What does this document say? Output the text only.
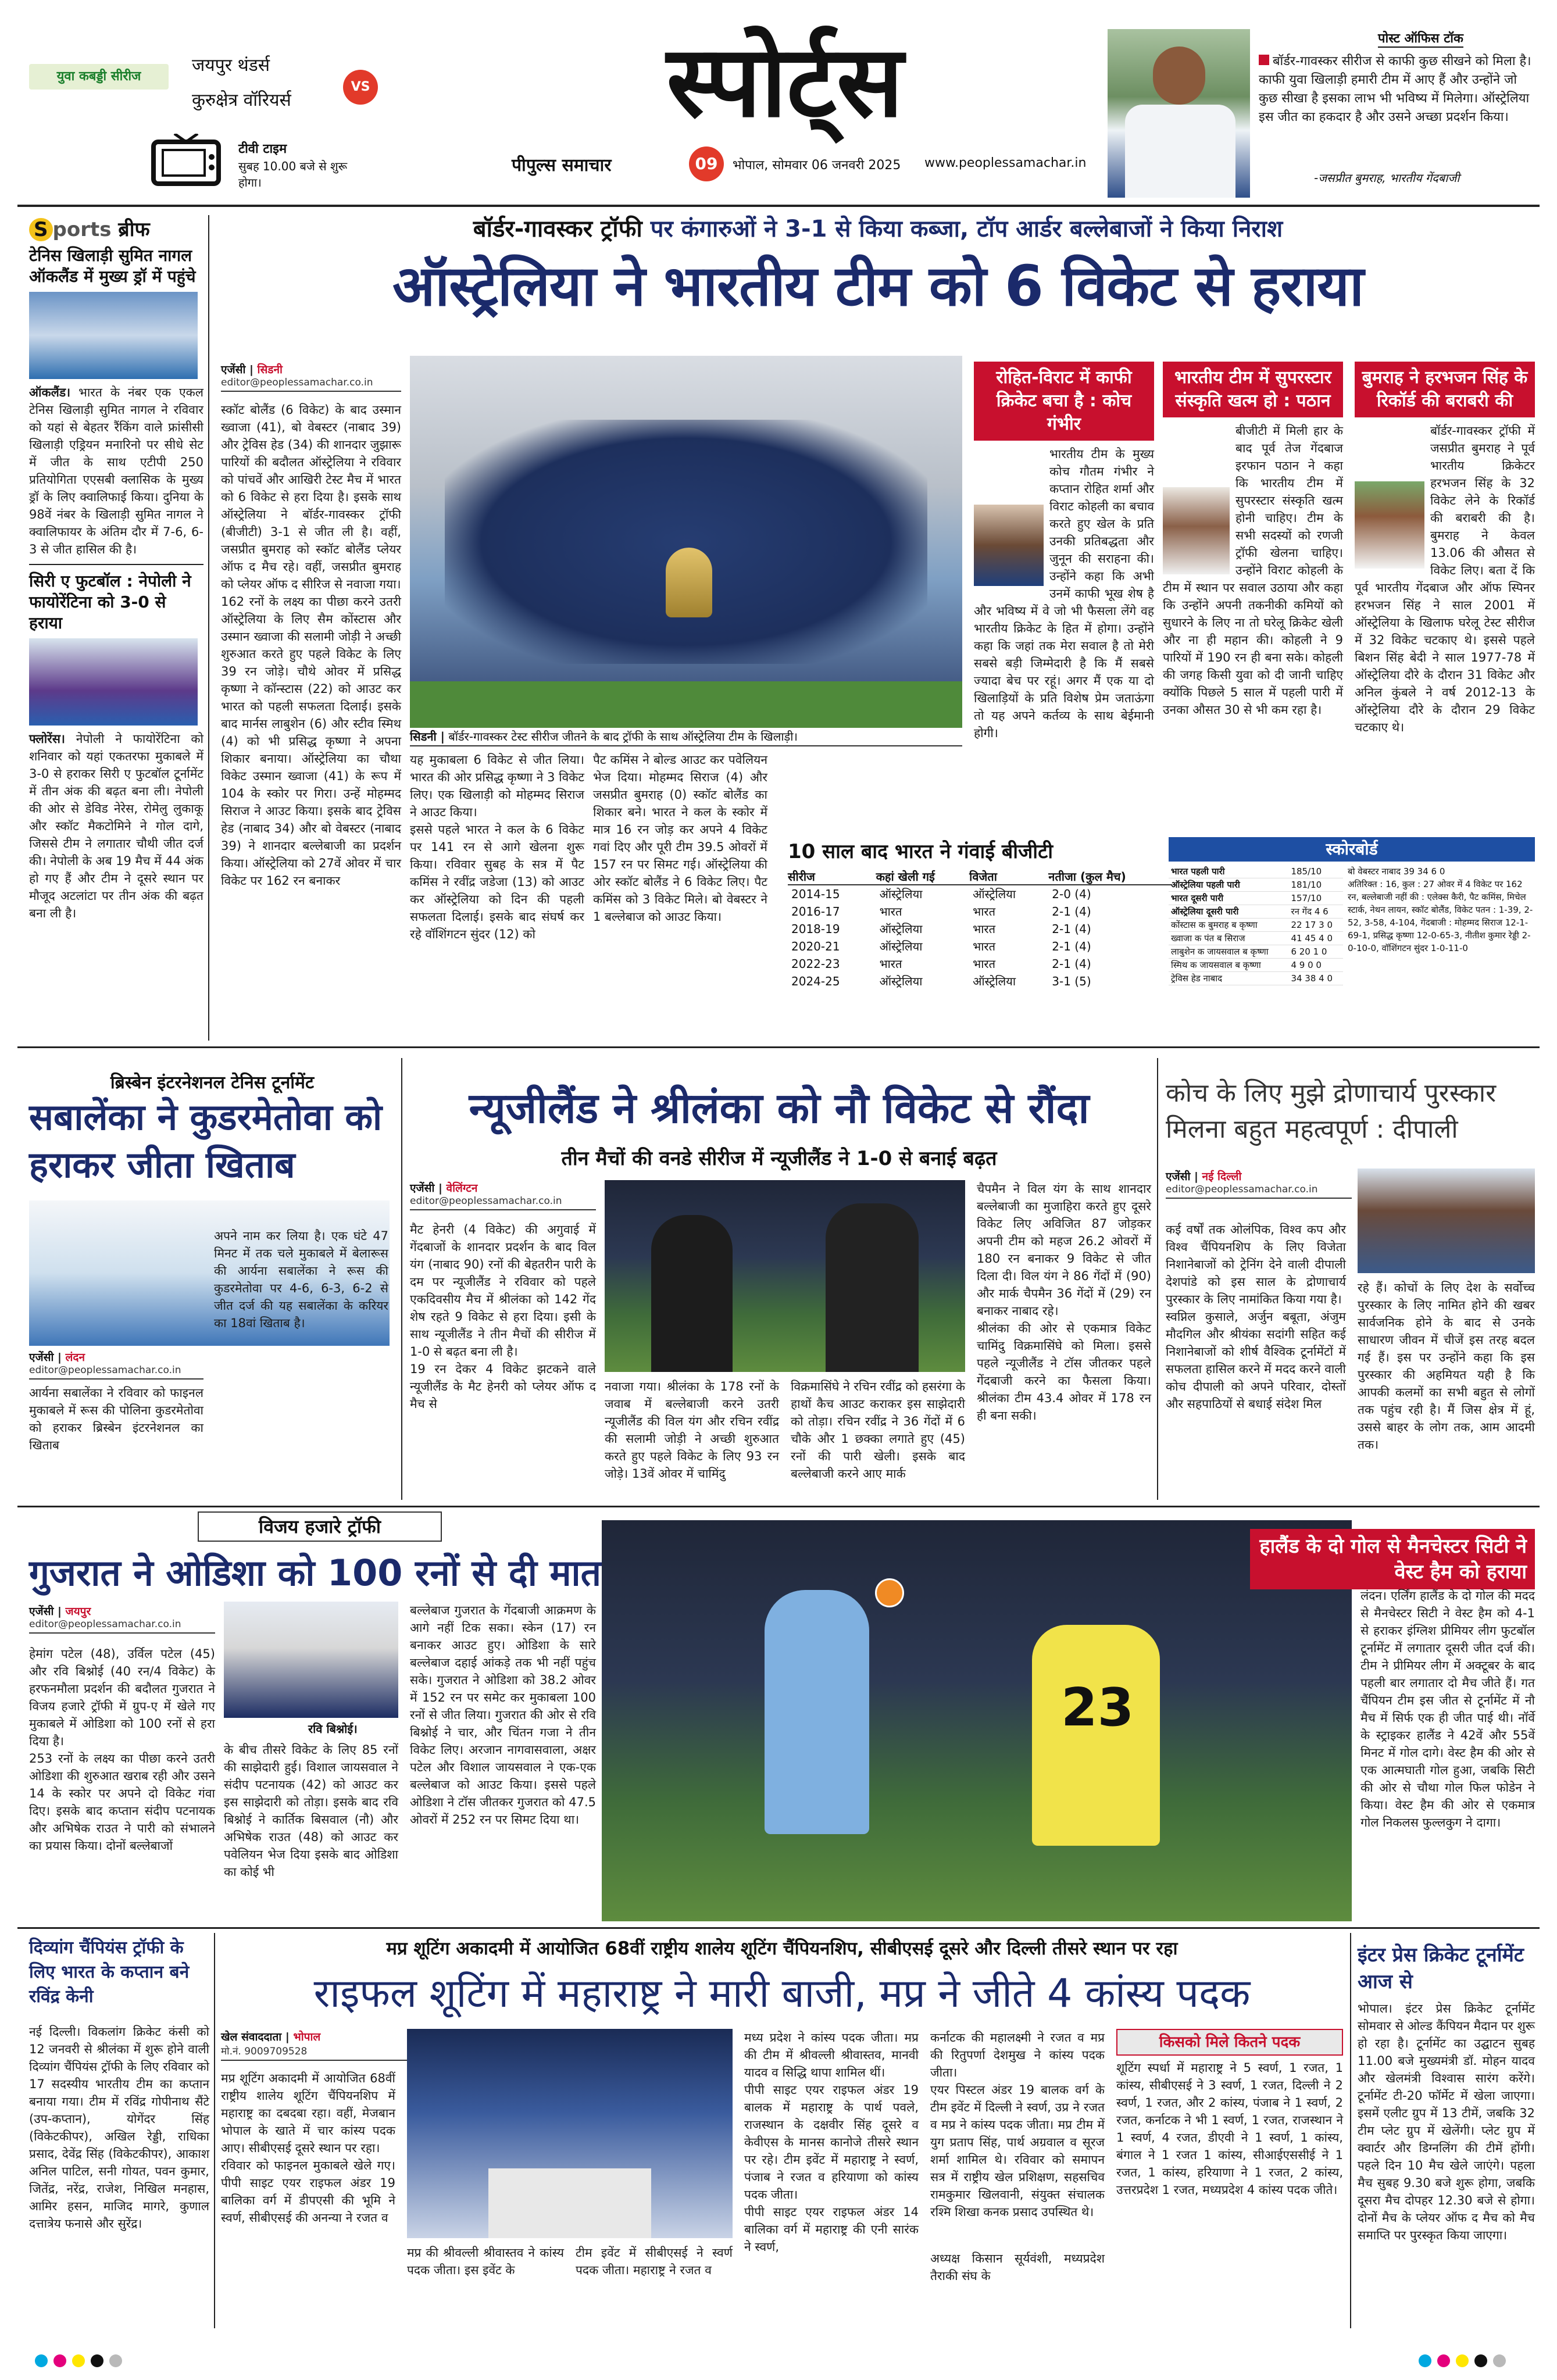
युवा कबड्डी सीरीज
जयपुर थंडर्स
कुरुक्षेत्र वॉरियर्स
VS
टीवी टाइम
सुबह 10.00 बजे से शुरू होगा।
स्पोर्ट्स
पीपुल्स समाचार	09	भोपाल, सोमवार 06 जनवरी 2025 www.peoplessamachar.in
पोस्ट ऑफिस टॉक
बॉर्डर-गावस्कर सीरीज से काफी कुछ सीखने को मिला है। काफी युवा खिलाड़ी हमारी टीम में आए हैं और उन्होंने जो कुछ सीखा है इसका लाभ भी भविष्य में मिलेगा। ऑस्ट्रेलिया इस जीत का हकदार है और उसने अच्छा प्रदर्शन किया।
-जसप्रीत बुमराह, भारतीय गेंदबाजी
S ports ब्रीफ
टेनिस खिलाड़ी सुमित नागल ऑकलैंड में मुख्य ड्रॉ में पहुंचे
ऑकलैंड। भारत के नंबर एक एकल टेनिस खिलाड़ी सुमित नागल ने रविवार को यहां से बेहतर रैंकिंग वाले फ्रांसीसी खिलाड़ी एड्रियन मनारिनो पर सीधे सेट में जीत के साथ एटीपी 250 प्रतियोगिता एएसबी क्लासिक के मुख्य ड्रॉ के लिए क्वालिफाई किया। दुनिया के 98वें नंबर के खिलाड़ी सुमित नागल ने क्वालिफायर के अंतिम दौर में 7-6, 6-3 से जीत हासिल की है।
सिरी ए फुटबॉल : नेपोली ने फायोरेंटिना को 3-0 से हराया
फ्लोरेंस। नेपोली ने फायोरेंटिना को शनिवार को यहां एकतरफा मुकाबले में 3-0 से हराकर सिरी ए फुटबॉल टूर्नामेंट में तीन अंक की बढ़त बना ली। नेपोली की ओर से डेविड नेरेस, रोमेलु लुकाकू और स्कॉट मैकटोमिने ने गोल दागे, जिससे टीम ने लगातार चौथी जीत दर्ज की। नेपोली के अब 19 मैच में 44 अंक हो गए हैं और टीम ने दूसरे स्थान पर मौजूद अटलांटा पर तीन अंक की बढ़त बना ली है।
बॉर्डर-गावस्कर ट्रॉफी पर कंगारुओं ने 3-1 से किया कब्जा, टॉप आर्डर बल्लेबाजों ने किया निराश
ऑस्ट्रेलिया ने भारतीय टीम को 6 विकेट से हराया
एजेंसी | सिडनी
editor@peoplessamachar.co.in
स्कॉट बोलैंड (6 विकेट) के बाद उस्मान ख्वाजा (41), बो वेबस्टर (नाबाद 39) और ट्रेविस हेड (34) की शानदार जुझारू पारियों की बदौलत ऑस्ट्रेलिया ने रविवार को पांचवें और आखिरी टेस्ट मैच में भारत को 6 विकेट से हरा दिया है। इसके साथ ऑस्ट्रेलिया ने बॉर्डर-गावस्कर ट्रॉफी (बीजीटी) 3-1 से जीत ली है। वहीं, जसप्रीत बुमराह को स्कॉट बोलैंड प्लेयर ऑफ द मैच रहे। वहीं, जसप्रीत बुमराह को प्लेयर ऑफ द सीरिज से नवाजा गया।
162 रनों के लक्ष्य का पीछा करने उतरी ऑस्ट्रेलिया के लिए सैम कोंस्टास और उस्मान ख्वाजा की सलामी जोड़ी ने अच्छी शुरुआत करते हुए पहले विकेट के लिए 39 रन जोड़े। चौथे ओवर में प्रसिद्ध कृष्णा ने कॉन्स्टास (22) को आउट कर भारत को पहली सफलता दिलाई। इसके बाद मार्नस लाबुशेन (6) और स्टीव स्मिथ (4) को भी प्रसिद्ध कृष्णा ने अपना शिकार बनाया। ऑस्ट्रेलिया का चौथा विकेट उस्मान ख्वाजा (41) के रूप में 104 के स्कोर पर गिरा। उन्हें मोहम्मद सिराज ने आउट किया। इसके बाद ट्रेविस हेड (नाबाद 34) और बो वेबस्टर (नाबाद 39) ने शानदार बल्लेबाजी का प्रदर्शन किया। ऑस्ट्रेलिया को 27वें ओवर में चार विकेट पर 162 रन बनाकर
सिडनी | बॉर्डर-गावस्कर टेस्ट सीरीज जीतने के बाद ट्रॉफी के साथ ऑस्ट्रेलिया टीम के खिलाड़ी।
यह मुकाबला 6 विकेट से जीत लिया। भारत की ओर प्रसिद्ध कृष्णा ने 3 विकेट लिए। एक खिलाड़ी को मोहम्मद सिराज ने आउट किया।
इससे पहले भारत ने कल के 6 विकेट पर 141 रन से आगे खेलना शुरू किया। रविवार सुबह के सत्र में पैट कमिंस ने रवींद्र जडेजा (13) को आउट कर ऑस्ट्रेलिया को दिन की पहली सफलता दिलाई। इसके बाद संघर्ष कर रहे वॉशिंगटन सुंदर (12) को
पैट कमिंस ने बोल्ड आउट कर पवेलियन भेज दिया। मोहम्मद सिराज (4) और जसप्रीत बुमराह (0) स्कॉट बोलैंड का शिकार बने। भारत ने कल के स्कोर में मात्र 16 रन जोड़ कर अपने 4 विकेट गवां दिए और पूरी टीम 39.5 ओवरों में 157 रन पर सिमट गई। ऑस्ट्रेलिया की ओर स्कॉट बोलैंड ने 6 विकेट लिए। पैट कमिंस को 3 विकेट मिले। बो वेबस्टर ने 1 बल्लेबाज को आउट किया।
10 साल बाद भारत ने गंवाई बीजीटी
सीरीज	कहां खेली गई	विजेता	नतीजा (कुल मैच)
2014-15	ऑस्ट्रेलिया	ऑस्ट्रेलिया	2-0 (4)
2016-17	भारत	भारत	2-1 (4)
2018-19	ऑस्ट्रेलिया	भारत	2-1 (4)
2020-21	ऑस्ट्रेलिया	भारत	2-1 (4)
2022-23	भारत	भारत	2-1 (4)
2024-25	ऑस्ट्रेलिया	ऑस्ट्रेलिया	3-1 (5)
रोहित-विराट में काफी क्रिकेट बचा है : कोच गंभीर
भारतीय टीम के मुख्य कोच गौतम गंभीर ने कप्तान रोहित शर्मा और विराट कोहली का बचाव करते हुए खेल के प्रति उनकी प्रतिबद्धता और जुनून की सराहना की। उन्होंने कहा कि अभी उनमें काफी भूख शेष है और भविष्य में वे जो भी फैसला लेंगे वह भारतीय क्रिकेट के हित में होगा। उन्होंने कहा कि जहां तक मेरा सवाल है तो मेरी सबसे बड़ी जिम्मेदारी है कि मैं सबसे ज्यादा बेच पर रहूं। अगर मैं एक या दो खिलाड़ियों के प्रति विशेष प्रेम जताऊंगा तो यह अपने कर्तव्य के साथ बेईमानी होगी।
भारतीय टीम में सुपरस्टार संस्कृति खत्म हो : पठान
बीजीटी में मिली हार के बाद पूर्व तेज गेंदबाज इरफान पठान ने कहा कि भारतीय टीम में सुपरस्टार संस्कृति खत्म होनी चाहिए। टीम के सभी सदस्यों को रणजी ट्रॉफी खेलना चाहिए। उन्होंने विराट कोहली के टीम में स्थान पर सवाल उठाया और कहा कि उन्होंने अपनी तकनीकी कमियों को सुधारने के लिए ना तो घरेलू क्रिकेट खेली और ना ही महान की। कोहली ने 9 पारियों में 190 रन ही बना सके। कोहली की जगह किसी युवा को दी जानी चाहिए क्योंकि पिछले 5 साल में पहली पारी में उनका औसत 30 से भी कम रहा है।
बुमराह ने हरभजन सिंह के रिकॉर्ड की बराबरी की
बॉर्डर-गावस्कर ट्रॉफी में जसप्रीत बुमराह ने पूर्व भारतीय क्रिकेटर हरभजन सिंह के 32 विकेट लेने के रिकॉर्ड की बराबरी की है। बुमराह ने केवल 13.06 की औसत से विकेट लिए। बता दें कि पूर्व भारतीय गेंदबाज और ऑफ स्पिनर हरभजन सिंह ने साल 2001 में ऑस्ट्रेलिया के खिलाफ घरेलू टेस्ट सीरीज में 32 विकेट चटकाए थे। इससे पहले बिशन सिंह बेदी ने साल 1977-78 में ऑस्ट्रेलिया दौरे के दौरान 31 विकेट और अनिल कुंबले ने वर्ष 2012-13 के ऑस्ट्रेलिया दौरे के दौरान 29 विकेट चटकाए थे।
स्कोरबोर्ड
भारत पहली पारी	185/10
ऑस्ट्रेलिया पहली पारी	181/10
भारत दूसरी पारी	157/10
ऑस्ट्रेलिया दूसरी पारी	रन गेंद 4 6
कोंस्टास क बुमराह ब कृष्णा	22 17 3 0
ख्वाजा क पंत ब सिराज	41 45 4 0
लाबुशेन क जायसवाल ब कृष्णा	6 20 1 0
स्मिथ क जायसवाल ब कृष्णा	4 9 0 0
ट्रेविस हेड नाबाद	34 38 4 0
बो वेबस्टर नाबाद 39 34 6 0
अतिरिक्त : 16, कुल : 27 ओवर में 4 विकेट पर 162 रन, बल्लेबाजी नहीं की : एलेक्स कैरी, पैट कमिंस, मिचेल स्टार्क, नेथन लायन, स्कॉट बोलैंड, विकेट पतन : 1-39, 2-52, 3-58, 4-104, गेंदबाजी : मोहम्मद सिराज 12-1-69-1, प्रसिद्ध कृष्णा 12-0-65-3, नीतीश कुमार रेड्डी 2-0-10-0, वॉशिंगटन सुंदर 1-0-11-0
ब्रिस्बेन इंटरनेशनल टेनिस टूर्नामेंट
सबालेंका ने कुडरमेतोवा को हराकर जीता खिताब
एजेंसी | लंदन
editor@peoplessamachar.co.in
आर्यना सबालेंका ने रविवार को फाइनल मुकाबले में रूस की पोलिना कुडरमेतोवा को हराकर ब्रिस्बेन इंटरनेशनल का खिताब
अपने नाम कर लिया है। एक घंटे 47 मिनट में तक चले मुकाबले में बेलारूस की आर्यना सबालेंका ने रूस की कुडरमेतोवा पर 4-6, 6-3, 6-2 से जीत दर्ज की यह सबालेंका के करियर का 18वां खिताब है।
न्यूजीलैंड ने श्रीलंका को नौ विकेट से रौंदा
तीन मैचों की वनडे सीरीज में न्यूजीलैंड ने 1-0 से बनाई बढ़त
एजेंसी | वेलिंग्टन
editor@peoplessamachar.co.in
मैट हेनरी (4 विकेट) की अगुवाई में गेंदबाजों के शानदार प्रदर्शन के बाद विल यंग (नाबाद 90) रनों की बेहतरीन पारी के दम पर न्यूजीलैंड ने रविवार को पहले एकदिवसीय मैच में श्रीलंका को 142 गेंद शेष रहते 9 विकेट से हरा दिया। इसी के साथ न्यूजीलैंड ने तीन मैचों की सीरीज में 1-0 से बढ़त बना ली है।
19 रन देकर 4 विकेट झटकने वाले न्यूजीलैंड के मैट हेनरी को प्लेयर ऑफ द मैच से
नवाजा गया। श्रीलंका के 178 रनों के जवाब में बल्लेबाजी करने उतरी न्यूजीलैंड की विल यंग और रचिन रवींद्र की सलामी जोड़ी ने अच्छी शुरुआत करते हुए पहले विकेट के लिए 93 रन जोड़े। 13वें ओवर में चामिंदु
विक्रमासिंघे ने रचिन रवींद्र को हसरंगा के हाथों कैच आउट कराकर इस साझेदारी को तोड़ा। रचिन रवींद्र ने 36 गेंदों में 6 चौके और 1 छक्का लगाते हुए (45) रनों की पारी खेली। इसके बाद बल्लेबाजी करने आए मार्क
चैपमैन ने विल यंग के साथ शानदार बल्लेबाजी का मुजाहिरा करते हुए दूसरे विकेट लिए अविजित 87 जोड़कर अपनी टीम को महज 26.2 ओवरों में 180 रन बनाकर 9 विकेट से जीत दिला दी। विल यंग ने 86 गेंदों में (90) और मार्क चैपमैन 36 गेंदों में (29) रन बनाकर नाबाद रहे।
श्रीलंका की ओर से एकमात्र विकेट चामिंदु विक्रमासिंघे को मिला। इससे पहले न्यूजीलैंड ने टॉस जीतकर पहले गेंदबाजी करने का फैसला किया। श्रीलंका टीम 43.4 ओवर में 178 रन ही बना सकी।
कोच के लिए मुझे द्रोणाचार्य पुरस्कार मिलना बहुत महत्वपूर्ण : दीपाली
एजेंसी | नई दिल्ली
editor@peoplessamachar.co.in
कई वर्षों तक ओलंपिक, विश्व कप और विश्व चैंपियनशिप के लिए विजेता निशानेबाजों को ट्रेनिंग देने वाली दीपाली देशपांडे को इस साल के द्रोणाचार्य पुरस्कार के लिए नामांकित किया गया है।
स्वप्निल कुसाले, अर्जुन बबूता, अंजुम मौदगिल और श्रीयंका सदांगी सहित कई निशानेबाजों को शीर्ष वैश्विक टूर्नामेंटों में सफलता हासिल करने में मदद करने वाली कोच दीपाली को अपने परिवार, दोस्तों और सहपाठियों से बधाई संदेश मिल
रहे हैं। कोचों के लिए देश के सर्वोच्च पुरस्कार के लिए नामित होने की खबर सार्वजनिक होने के बाद से उनके साधारण जीवन में चीजें इस तरह बदल गई हैं। इस पर उन्होंने कहा कि इस पुरस्कार की अहमियत यही है कि आपकी कलमों का सभी बहुत से लोगों तक पहुंच रही है। मैं जिस क्षेत्र में हूं, उससे बाहर के लोग तक, आम आदमी तक।
विजय हजारे ट्रॉफी
गुजरात ने ओडिशा को 100 रनों से दी मात
एजेंसी | जयपुर
editor@peoplessamachar.co.in
हेमांग पटेल (48), उर्विल पटेल (45) और रवि बिश्नोई (40 रन/4 विकेट) के हरफनमौला प्रदर्शन की बदौलत गुजरात ने विजय हजारे ट्रॉफी में ग्रुप-ए में खेले गए मुकाबले में ओडिशा को 100 रनों से हरा दिया है।
253 रनों के लक्ष्य का पीछा करने उतरी ओडिशा की शुरुआत खराब रही और उसने 14 के स्कोर पर अपने दो विकेट गंवा दिए। इसके बाद कप्तान संदीप पटनायक और अभिषेक राउत ने पारी को संभालने का प्रयास किया। दोनों बल्लेबाजों
रवि बिश्नोई।
के बीच तीसरे विकेट के लिए 85 रनों की साझेदारी हुई। विशाल जायसवाल ने संदीप पटनायक (42) को आउट कर इस साझेदारी को तोड़ा। इसके बाद रवि बिश्नोई ने कार्तिक बिसवाल (नौ) और अभिषेक राउत (48) को आउट कर पवेलियन भेज दिया इसके बाद ओडिशा का कोई भी
बल्लेबाज गुजरात के गेंदबाजी आक्रमण के आगे नहीं टिक सका। स्केन (17) रन बनाकर आउट हुए। ओडिशा के सारे बल्लेबाज दहाई आंकड़े तक भी नहीं पहुंच सके। गुजरात ने ओडिशा को 38.2 ओवर में 152 रन पर समेट कर मुकाबला 100 रनों से जीत लिया। गुजरात की ओर से रवि बिश्नोई ने चार, और चिंतन गजा ने तीन विकेट लिए। अरजान नागवासवाला, अक्षर पटेल और विशाल जायसवाल ने एक-एक बल्लेबाज को आउट किया। इससे पहले ओडिशा ने टॉस जीतकर गुजरात को 47.5 ओवरों में 252 रन पर सिमट दिया था।
23
हालैंड के दो गोल से मैनचेस्टर सिटी ने वेस्ट हैम को हराया
लंदन। एर्लिंग हालैंड के दो गोल की मदद से मैनचेस्टर सिटी ने वेस्ट हैम को 4-1 से हराकर इंग्लिश प्रीमियर लीग फुटबॉल टूर्नामेंट में लगातार दूसरी जीत दर्ज की। टीम ने प्रीमियर लीग में अक्टूबर के बाद पहली बार लगातार दो मैच जीते हैं। गत चैंपियन टीम इस जीत से टूर्नामेंट में नौ मैच में सिर्फ एक ही जीत पाई थी। नॉर्वे के स्ट्राइकर हालैंड ने 42वें और 55वें मिनट में गोल दागे। वेस्ट हैम की ओर से एक आत्मघाती गोल हुआ, जबकि सिटी की ओर से चौथा गोल फिल फोडेन ने किया। वेस्ट हैम की ओर से एकमात्र गोल निकलस फुल्लकुग ने दागा।
दिव्यांग चैंपियंस ट्रॉफी के लिए भारत के कप्तान बने रविंद्र केनी
नई दिल्ली। विकलांग क्रिकेट कंसी को 12 जनवरी से श्रीलंका में शुरू होने वाली दिव्यांग चैंपियंस ट्रॉफी के लिए रविवार को 17 सदस्यीय भारतीय टीम का कप्तान बनाया गया। टीम में रविंद्र गोपीनाथ सैंटे (उप-कप्तान), योगेंदर सिंह (विकेटकीपर), अखिल रेड्डी, राधिका प्रसाद, देवेंद्र सिंह (विकेटकीपर), आकाश अनिल पाटिल, सनी गोयत, पवन कुमार, जितेंद्र, नरेंद्र, राजेश, निखिल मनहास, आमिर हसन, माजिद मागरे, कुणाल दत्तात्रेय फनासे और सुरेंद्र।
मप्र शूटिंग अकादमी में आयोजित 68वीं राष्ट्रीय शालेय शूटिंग चैंपियनशिप, सीबीएसई दूसरे और दिल्ली तीसरे स्थान पर रहा
राइफल शूटिंग में महाराष्ट्र ने मारी बाजी, मप्र ने जीते 4 कांस्य पदक
खेल संवाददाता | भोपाल
मो.नं. 9009709528
मप्र शूटिंग अकादमी में आयोजित 68वीं राष्ट्रीय शालेय शूटिंग चैंपियनशिप में महाराष्ट्र का दबदबा रहा। वहीं, मेजबान भोपाल के खाते में चार कांस्य पदक आए। सीबीएसई दूसरे स्थान पर रहा।
रविवार को फाइनल मुकाबले खेले गए। पीपी साइट एयर राइफल अंडर 19 बालिका वर्ग में डीपएसी की भूमि ने स्वर्ण, सीबीएसई की अनन्या ने रजत व
मप्र की श्रीवल्ली श्रीवास्तव ने कांस्य पदक जीता। इस इवेंट के
टीम इवेंट में सीबीएसई ने स्वर्ण पदक जीता। महाराष्ट्र ने रजत व
मध्य प्रदेश ने कांस्य पदक जीता। मप्र की टीम में श्रीवल्ली श्रीवास्तव, मानवी यादव व सिद्धि थापा शामिल थीं।
पीपी साइट एयर राइफल अंडर 19 बालक में महाराष्ट्र के पार्थ पवले, राजस्थान के दक्षवीर सिंह दूसरे व केवीएस के मानस कानोजे तीसरे स्थान पर रहे। टीम इवेंट में महाराष्ट्र ने स्वर्ण, पंजाब ने रजत व हरियाणा को कांस्य पदक जीता।
पीपी साइट एयर राइफल अंडर 14 बालिका वर्ग में महाराष्ट्र की एनी सारंक ने स्वर्ण,
कर्नाटक की महालक्ष्मी ने रजत व मप्र की रितुपर्णा देशमुख ने कांस्य पदक जीता।
एयर पिस्टल अंडर 19 बालक वर्ग के टीम इवेंट में दिल्ली ने स्वर्ण, उप्र ने रजत व मप्र ने कांस्य पदक जीता। मप्र टीम में युग प्रताप सिंह, पार्थ अग्रवाल व सूरज शर्मा शामिल थे। रविवार को समापन सत्र में राष्ट्रीय खेल प्रशिक्षण, सहसचिव रामकुमार खिलवानी, संयुक्त संचालक रश्मि शिखा कनक प्रसाद उपस्थित थे।
अध्यक्ष किसान सूर्यवंशी, मध्यप्रदेश तैराकी संघ के
किसको मिले कितने पदक
शूटिंग स्पर्धा में महाराष्ट्र ने 5 स्वर्ण, 1 रजत, 1 कांस्य, सीबीएसई ने 3 स्वर्ण, 1 रजत, दिल्ली ने 2 स्वर्ण, 1 रजत, और 2 कांस्य, पंजाब ने 1 स्वर्ण, 2 रजत, कर्नाटक ने भी 1 स्वर्ण, 1 रजत, राजस्थान ने 1 स्वर्ण, 4 रजत, डीएवी ने 1 स्वर्ण, 1 कांस्य, बंगाल ने 1 रजत 1 कांस्य, सीआईएससीई ने 1 रजत, 1 कांस्य, हरियाणा ने 1 रजत, 2 कांस्य, उत्तरप्रदेश 1 रजत, मध्यप्रदेश 4 कांस्य पदक जीते।
इंटर प्रेस क्रिकेट टूर्नामेंट आज से
भोपाल। इंटर प्रेस क्रिकेट टूर्नामेंट सोमवार से ओल्ड कैंपियन मैदान पर शुरू हो रहा है। टूर्नामेंट का उद्घाटन सुबह 11.00 बजे मुख्यमंत्री डॉ. मोहन यादव और खेलमंत्री विश्वास सारंग करेंगे। टूर्नामेंट टी-20 फॉर्मेट में खेला जाएगा। इसमें एलीट ग्रुप में 13 टीमें, जबकि 32 टीम प्लेट ग्रुप में खेलेंगी। प्लेट ग्रुप में क्वार्टर और डिग्नलिंग की टीमें होंगी। पहले दिन 10 मैच खेले जाएंगे। पहला मैच सुबह 9.30 बजे शुरू होगा, जबकि दूसरा मैच दोपहर 12.30 बजे से होगा। दोनों मैच के प्लेयर ऑफ द मैच को मैच समाप्ति पर पुरस्कृत किया जाएगा।
